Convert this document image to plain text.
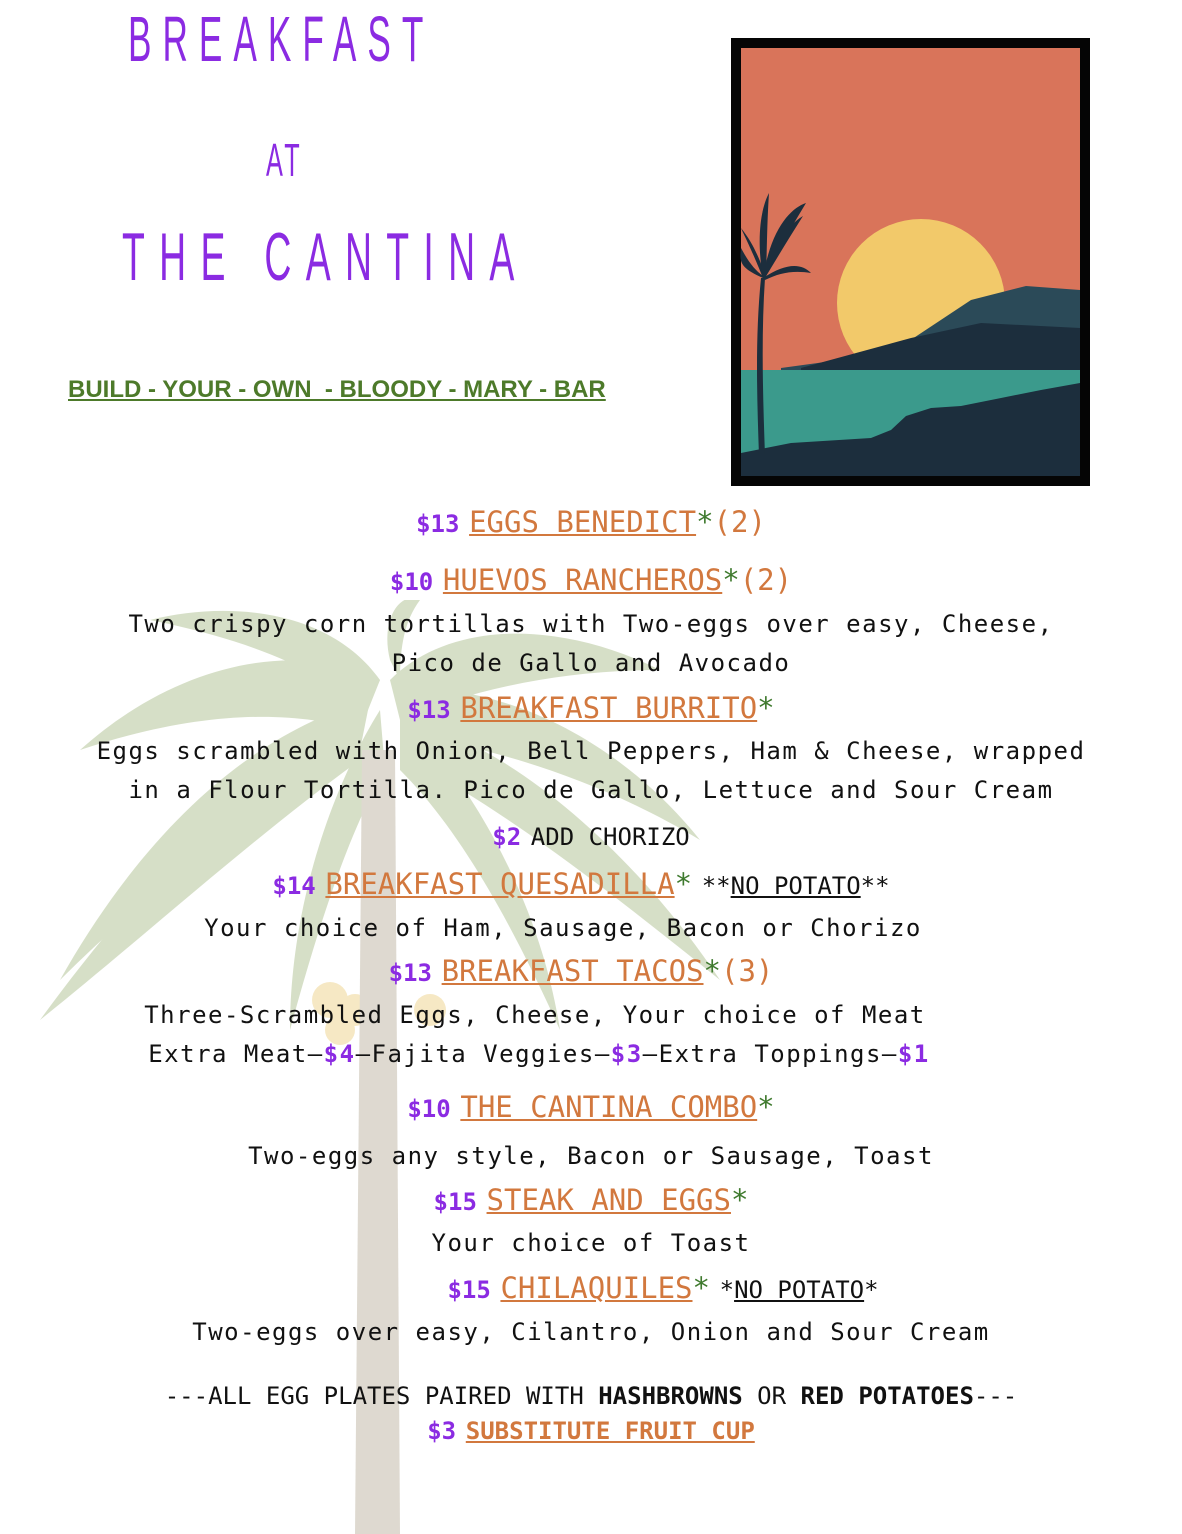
BREAKFAST
AT
THE CANTINA
BUILD - YOUR - OWN  - BLOODY - MARY - BAR
$13 EGGS BENEDICT*(2)
$10 HUEVOS RANCHEROS*(2)
Two crispy corn tortillas with Two-eggs over easy, Cheese,
Pico de Gallo and Avocado
$13 BREAKFAST BURRITO*
Eggs scrambled with Onion, Bell Peppers, Ham & Cheese, wrapped
in a Flour Tortilla. Pico de Gallo, Lettuce and Sour Cream
$2 ADD CHORIZO
$14 BREAKFAST QUESADILLA* **NO POTATO**
Your choice of Ham, Sausage, Bacon or Chorizo
$13 BREAKFAST TACOS*(3)
Three-Scrambled Eggs, Cheese, Your choice of Meat
Extra Meat—$4—Fajita Veggies—$3—Extra Toppings—$1
$10 THE CANTINA COMBO*
Two-eggs any style, Bacon or Sausage, Toast
$15 STEAK AND EGGS*
Your choice of Toast
$15 CHILAQUILES* *NO POTATO*
Two-eggs over easy, Cilantro, Onion and Sour Cream
---ALL EGG PLATES PAIRED WITH HASHBROWNS OR RED POTATOES---
$3 SUBSTITUTE FRUIT CUP
